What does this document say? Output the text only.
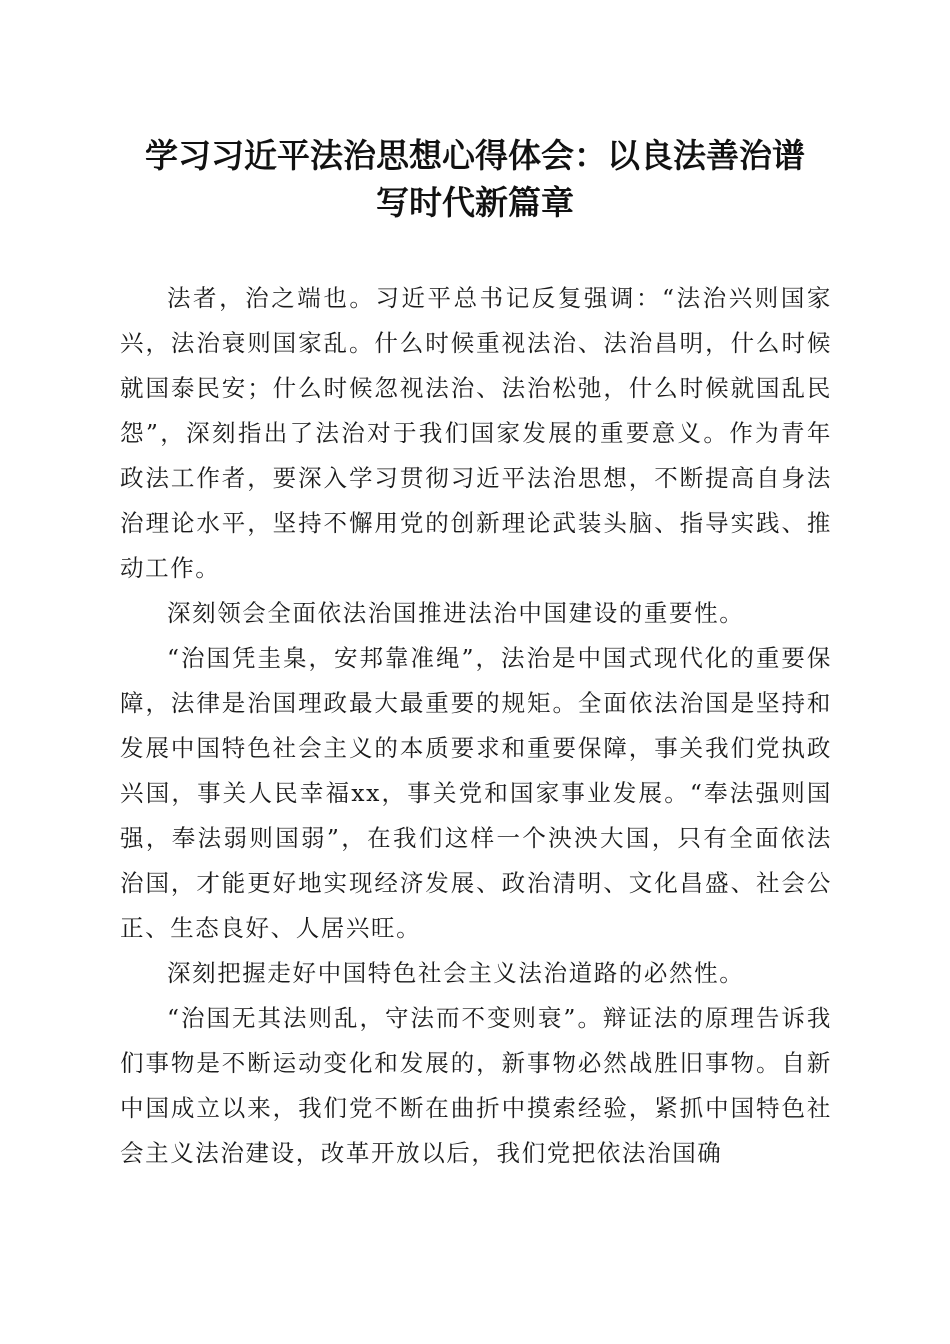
学习习近平法治思想心得体会：以良法善治谱
写时代新篇章

法者，治之端也。习近平总书记反复强调：“法治兴则国家兴，法治衰则国家乱。什么时候重视法治、法治昌明，什么时候就国泰民安；什么时候忽视法治、法治松弛，什么时候就国乱民怨”，深刻指出了法治对于我们国家发展的重要意义。作为青年政法工作者，要深入学习贯彻习近平法治思想，不断提高自身法治理论水平，坚持不懈用党的创新理论武装头脑、指导实践、推动工作。

深刻领会全面依法治国推进法治中国建设的重要性。

“治国凭圭臬，安邦靠准绳”，法治是中国式现代化的重要保障，法律是治国理政最大最重要的规矩。全面依法治国是坚持和发展中国特色社会主义的本质要求和重要保障，事关我们党执政兴国，事关人民幸福xx，事关党和国家事业发展。“奉法强则国强，奉法弱则国弱”，在我们这样一个泱泱大国，只有全面依法治国，才能更好地实现经济发展、政治清明、文化昌盛、社会公正、生态良好、人居兴旺。

深刻把握走好中国特色社会主义法治道路的必然性。

“治国无其法则乱，守法而不变则衰”。辩证法的原理告诉我们事物是不断运动变化和发展的，新事物必然战胜旧事物。自新中国成立以来，我们党不断在曲折中摸索经验，紧抓中国特色社会主义法治建设，改革开放以后，我们党把依法治国确
